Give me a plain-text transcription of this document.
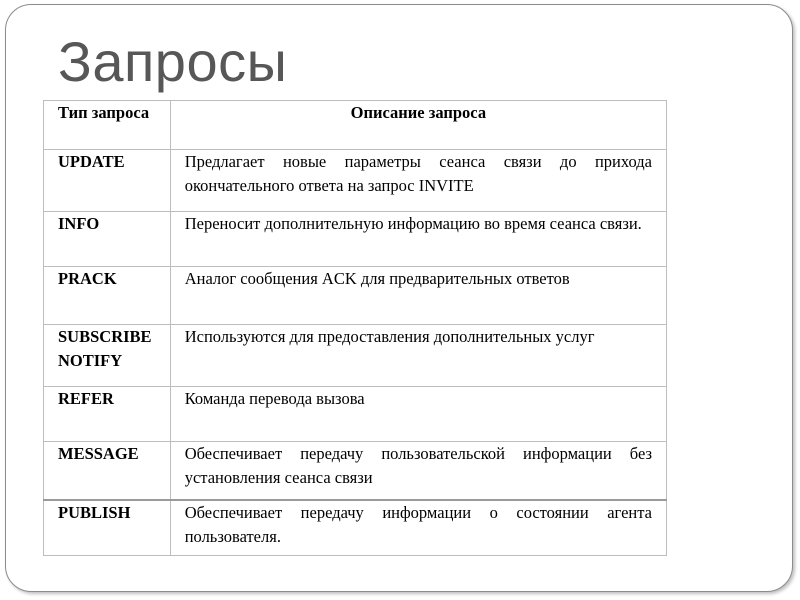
Запросы
Тип запроса	Описание запроса
UPDATE	Предлагает новые параметры сеанса связи до прихода окончательного ответа на запрос INVITE
INFO	Переносит дополнительную информацию во время сеанса связи.
PRACK	Аналог сообщения ACK для предварительных ответов
SUBSCRIBE NOTIFY	Используются для предоставления дополнительных услуг
REFER	Команда перевода вызова
MESSAGE	Обеспечивает передачу пользовательской информации без установления сеанса связи
PUBLISH	Обеспечивает передачу информации о состоянии агента пользователя.
